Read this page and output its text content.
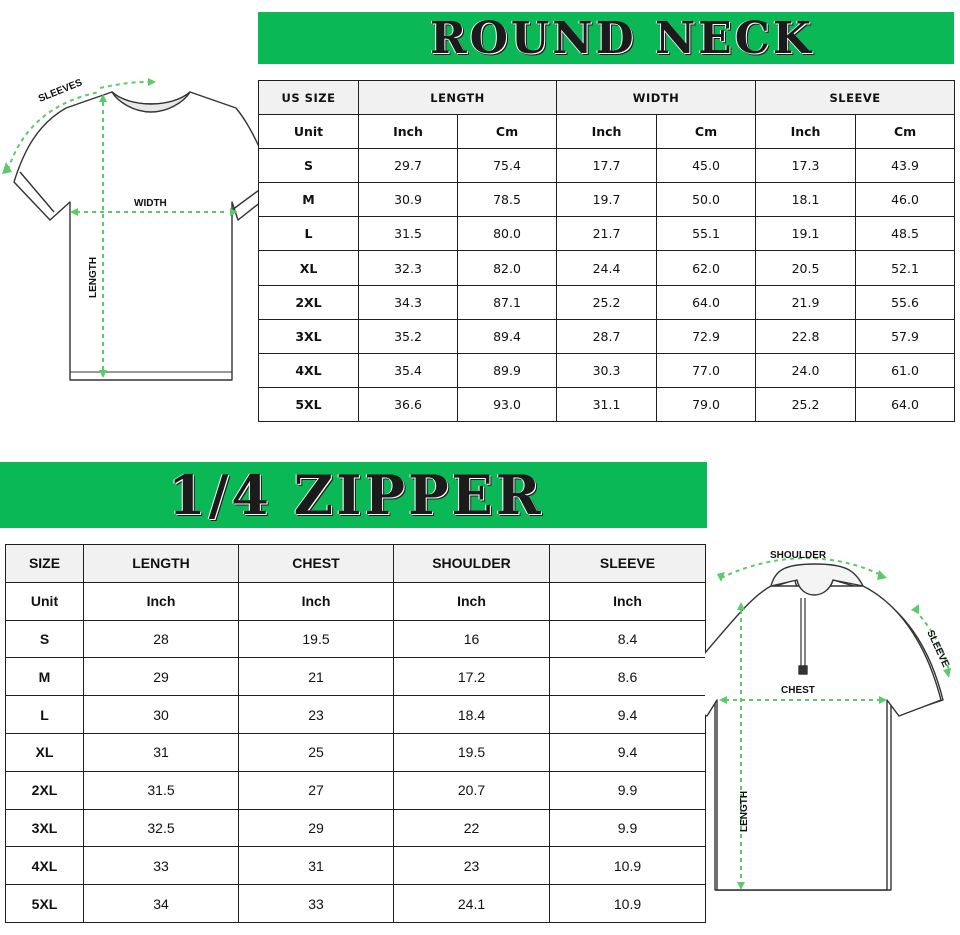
ROUND NECK
SLEEVES
WIDTH
LENGTH
US SIZE	LENGTH		WIDTH		SLEEVE	
Unit	Inch	Cm	Inch	Cm	Inch	Cm
S	29.7	75.4	17.7	45.0	17.3	43.9
M	30.9	78.5	19.7	50.0	18.1	46.0
L	31.5	80.0	21.7	55.1	19.1	48.5
XL	32.3	82.0	24.4	62.0	20.5	52.1
2XL	34.3	87.1	25.2	64.0	21.9	55.6
3XL	35.2	89.4	28.7	72.9	22.8	57.9
4XL	35.4	89.9	30.3	77.0	24.0	61.0
5XL	36.6	93.0	31.1	79.0	25.2	64.0
1/4 ZIPPER
SIZE	LENGTH	CHEST	SHOULDER	SLEEVE
Unit	Inch	Inch	Inch	Inch
S	28	19.5	16	8.4
M	29	21	17.2	8.6
L	30	23	18.4	9.4
XL	31	25	19.5	9.4
2XL	31.5	27	20.7	9.9
3XL	32.5	29	22	9.9
4XL	33	31	23	10.9
5XL	34	33	24.1	10.9
SHOULDER
SLEEVE
CHEST
LENGTH
